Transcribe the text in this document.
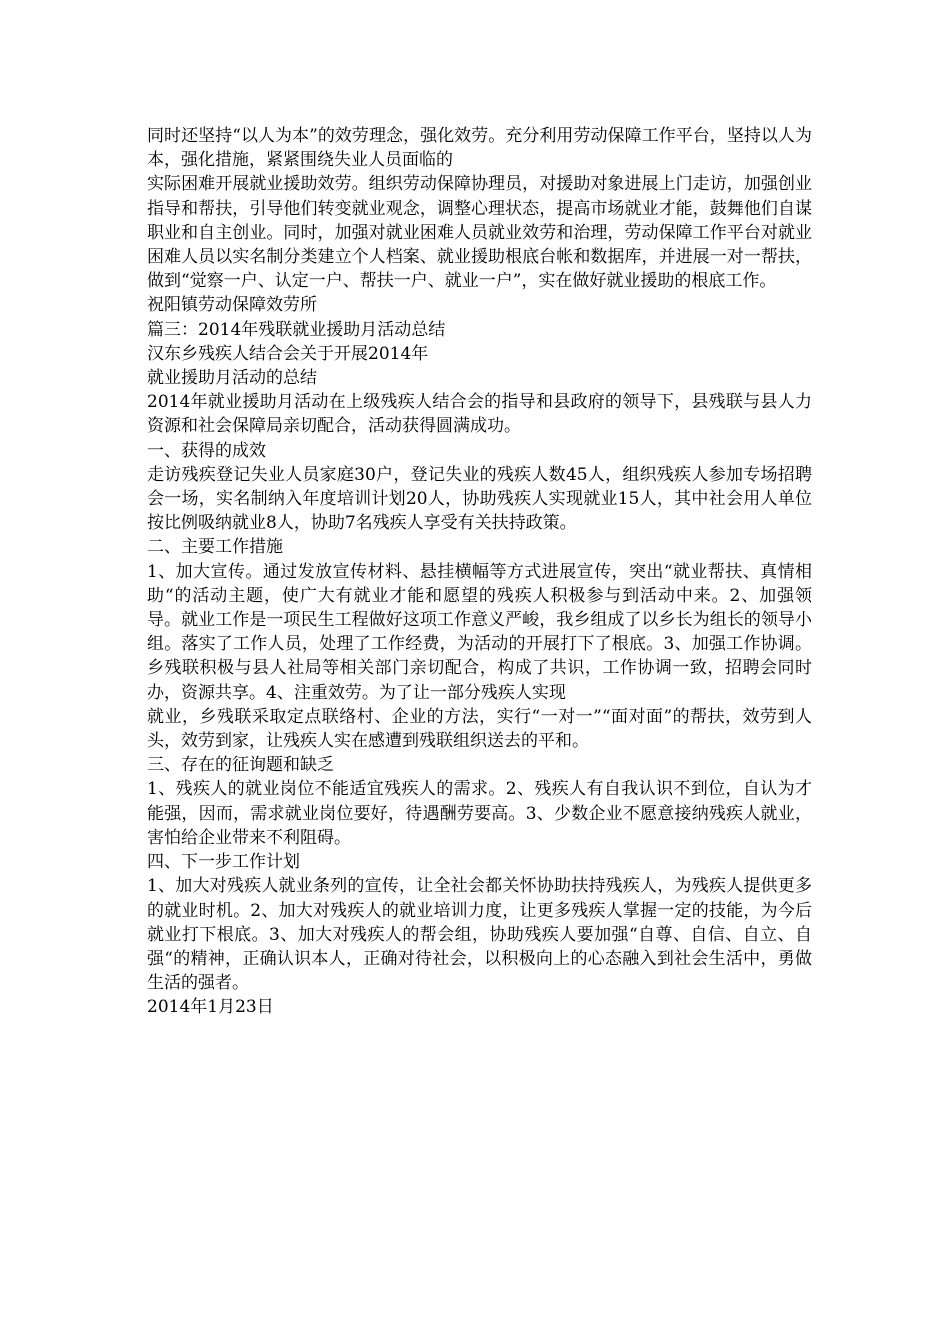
同时还坚持“以人为本”的效劳理念，强化效劳。充分利用劳动保障工作平台，坚持以人为本，强化措施，紧紧围绕失业人员面临的

实际困难开展就业援助效劳。组织劳动保障协理员，对援助对象进展上门走访，加强创业指导和帮扶，引导他们转变就业观念，调整心理状态，提高市场就业才能，鼓舞他们自谋职业和自主创业。同时，加强对就业困难人员就业效劳和治理，劳动保障工作平台对就业困难人员以实名制分类建立个人档案、就业援助根底台帐和数据库，并进展一对一帮扶，做到“觉察一户、认定一户、帮扶一户、就业一户”，实在做好就业援助的根底工作。

祝阳镇劳动保障效劳所

篇三：2014年残联就业援助月活动总结

汉东乡残疾人结合会关于开展2014年

就业援助月活动的总结

2014年就业援助月活动在上级残疾人结合会的指导和县政府的领导下，县残联与县人力资源和社会保障局亲切配合，活动获得圆满成功。

一、获得的成效

走访残疾登记失业人员家庭30户，登记失业的残疾人数45人，组织残疾人参加专场招聘会一场，实名制纳入年度培训计划20人，协助残疾人实现就业15人，其中社会用人单位按比例吸纳就业8人，协助7名残疾人享受有关扶持政策。

二、主要工作措施

1、加大宣传。通过发放宣传材料、悬挂横幅等方式进展宣传，突出“就业帮扶、真情相助“的活动主题，使广大有就业才能和愿望的残疾人积极参与到活动中来。2、加强领导。就业工作是一项民生工程做好这项工作意义严峻，我乡组成了以乡长为组长的领导小组。落实了工作人员，处理了工作经费，为活动的开展打下了根底。3、加强工作协调。乡残联积极与县人社局等相关部门亲切配合，构成了共识，工作协调一致，招聘会同时办，资源共享。4、注重效劳。为了让一部分残疾人实现

就业，乡残联采取定点联络村、企业的方法，实行“一对一”“面对面”的帮扶，效劳到人头，效劳到家，让残疾人实在感遭到残联组织送去的平和。

三、存在的征询题和缺乏

1、残疾人的就业岗位不能适宜残疾人的需求。2、残疾人有自我认识不到位，自认为才能强，因而，需求就业岗位要好，待遇酬劳要高。3、少数企业不愿意接纳残疾人就业，害怕给企业带来不利阻碍。

四、下一步工作计划

1、加大对残疾人就业条列的宣传，让全社会都关怀协助扶持残疾人，为残疾人提供更多的就业时机。2、加大对残疾人的就业培训力度，让更多残疾人掌握一定的技能，为今后就业打下根底。3、加大对残疾人的帮会组，协助残疾人要加强“自尊、自信、自立、自强“的精神，正确认识本人，正确对待社会，以积极向上的心态融入到社会生活中，勇做生活的强者。

2014年1月23日
